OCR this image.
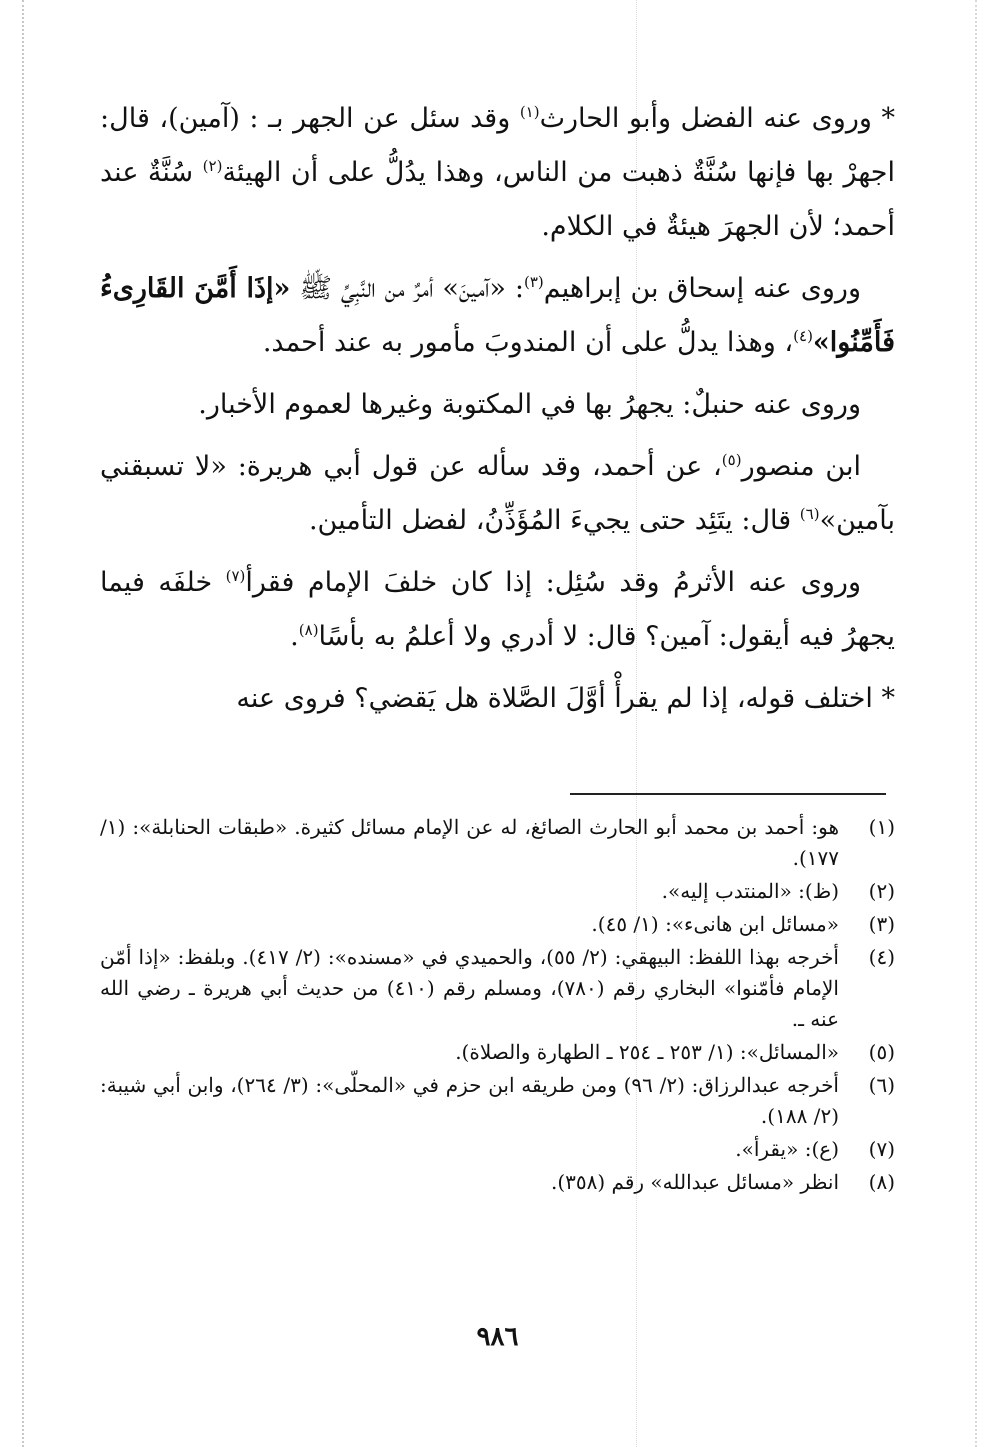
* ورو‌ى عنه الفضل وأبو الحارث$^{(١)}$ وقد سئل عن الجهر بـ : (آمين)، قال: اجهرْ بها فإنها سُنَّةٌ ذهبت من الناس، وهذا يدُلُّ على أن الهيئة$^{(٢)}$ سُنَّةٌ عند أحمد؛ لأن الجهرَ هيئةٌ في الكلام.

وروى عنه إسحاق بن إبراهيم$^{(٣)}$: «آمينَ» أمرٌ من النَّبِيِّ ﷺ «إذَا أَمَّنَ القَارِىءُ فَأَمِّنُوا»$^{(٤)}$، وهذا يدلُّ على أن المندوبَ مأمور به عند أحمد.

وروى عنه حنبلٌ: يجهرُ بها في المكتوبة وغيرها لعموم الأخبار.

ابن منصور$^{(٥)}$، عن أحمد، وقد سأله عن قول أبي هريرة: «لا تسبقني بآمين»$^{(٦)}$ قال: يتَئِد حتى يجيءَ المُؤَذِّنُ، لفضل التأمين.

وروى عنه الأثرمُ وقد سُئِل: إذا كان خلفَ الإمام فقرأ$^{(٧)}$ خلفَه فيما يجهرُ فيه أيقول: آمين؟ قال: لا أدري ولا أعلمُ به بأسًا$^{(٨)}$.

* اختلف قوله، إذا لم يقرأْ أوَّلَ الصَّلاة هل يَقضي؟ فروى عنه

(١)
هو: أحمد بن محمد أبو الحارث الصائغ، له عن الإمام مسائل كثيرة. «طبقات الحنابلة»: (١/ ١٧٧).
(٢)
(ظ): «المنتدب إليه».
(٣)
«مسائل ابن هانىء»: (١/ ٤٥).
(٤)
أخرجه بهذا اللفظ: البيهقي: (٢/ ٥٥)، والحميدي في «مسنده»: (٢/ ٤١٧). وبلفظ: «إذا أمّن الإمام فأمّنوا» البخاري رقم (٧٨٠)، ومسلم رقم (٤١٠) من حديث أبي هريرة ـ رضي الله عنه ـ.
(٥)
«المسائل»: (١/ ٢٥٣ ـ ٢٥٤ ـ الطهارة والصلاة).
(٦)
أخرجه عبدالرزاق: (٢/ ٩٦) ومن طريقه ابن حزم في «المحلّى»: (٣/ ٢٦٤)، وابن أبي شيبة: (٢/ ١٨٨).
(٧)
(ع): «يقرأ».
(٨)
انظر «مسائل عبدالله» رقم (٣٥٨).
٩٨٦
